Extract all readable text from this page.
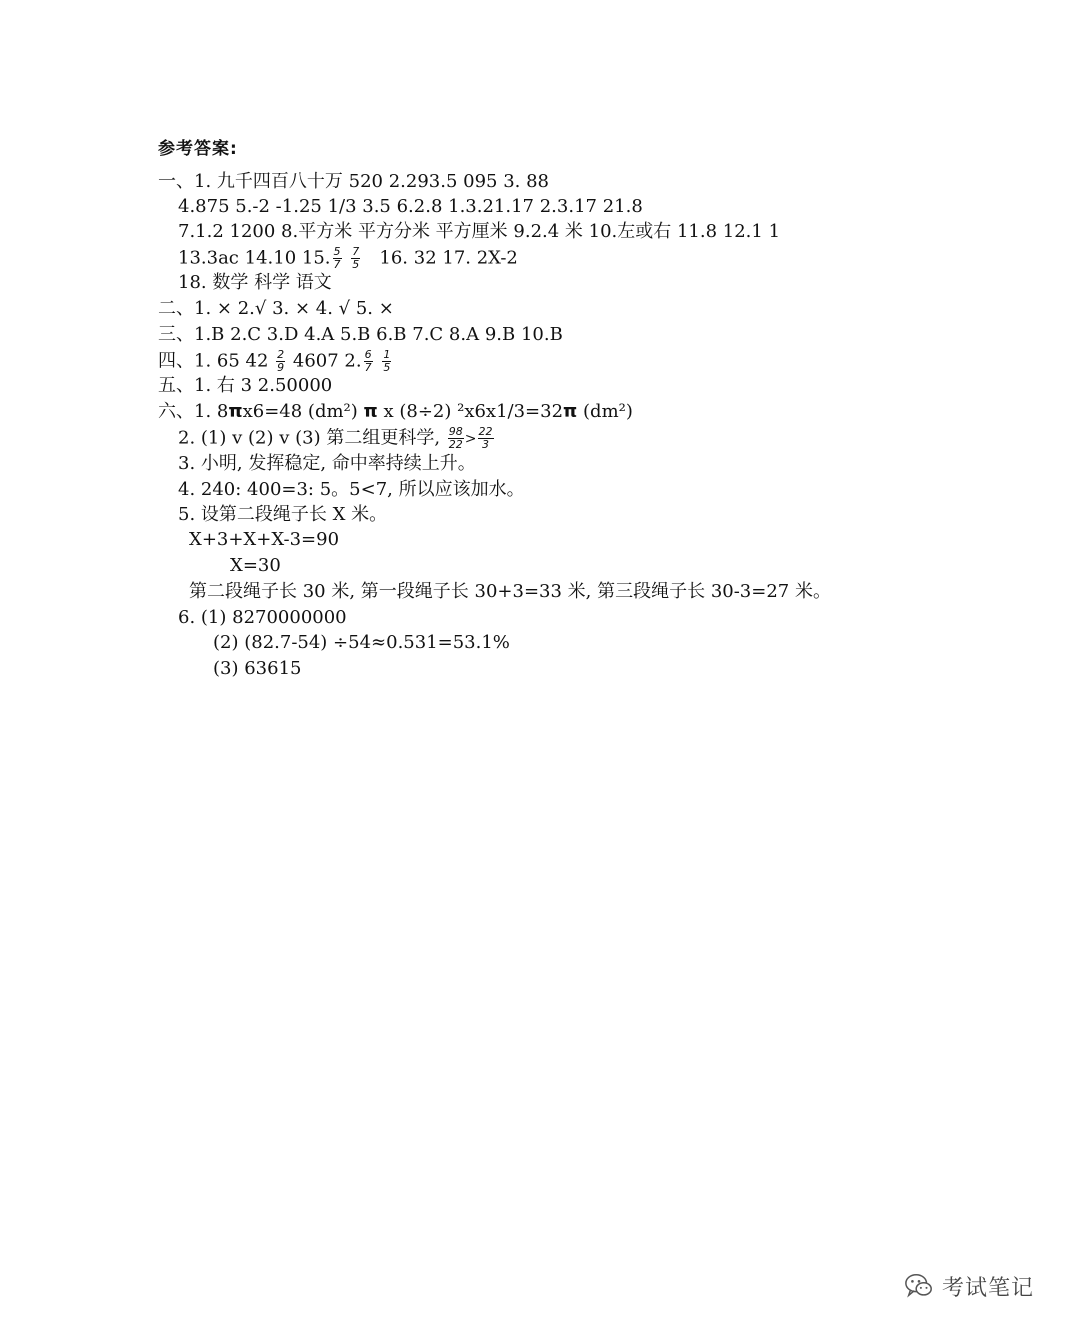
参考答案:
一、1. 九千四百八十万 520 2.293.5 095 3. 88
4.875 5.-2 -1.25 1/3 3.5 6.2.8 1.3.21.17 2.3.17 21.8
7.1.2 1200 8.平方米 平方分米 平方厘米 9.2.4 米 10.左或右 11.8 12.1 1
13.3ac 14.10 15. $\frac{5}{7}$
$\frac{7}{5} 16$. 32 17. 2X-2
18. 数学 科学 语文
二、1. × 2.√ 3. × 4. √ 5. ×
三、1.B 2.C 3.D 4.A 5.B 6.B 7.C 8.A 9.B 10.B
四、1. 65 $42 \frac{2}{9} 4607$ 2. $\frac{6}{7}$
$\frac{1}{5}$
五、1. 右 3 2.50000
六、1. 8πx6=48 (dm²) π x (8÷2) ²x6x1/3=32π (dm²)
2. (1) v (2) v (3) 第二组更科学, $\frac{98}{22} > \frac{22}{3}$
3. 小明, 发挥稳定, 命中率持续上升。
4. 240: 400=3: 5。5<7, 所以应该加水。
5. 设第二段绳子长 X 米。
X+3+X+X-3=90
X=30
第二段绳子长 30 米, 第一段绳子长 30+3=33 米, 第三段绳子长 30-3=27 米。
6. (1) 8270000000
(2) (82.7-54) ÷54≈0.531=53.1%
(3) 63615
考试笔记
